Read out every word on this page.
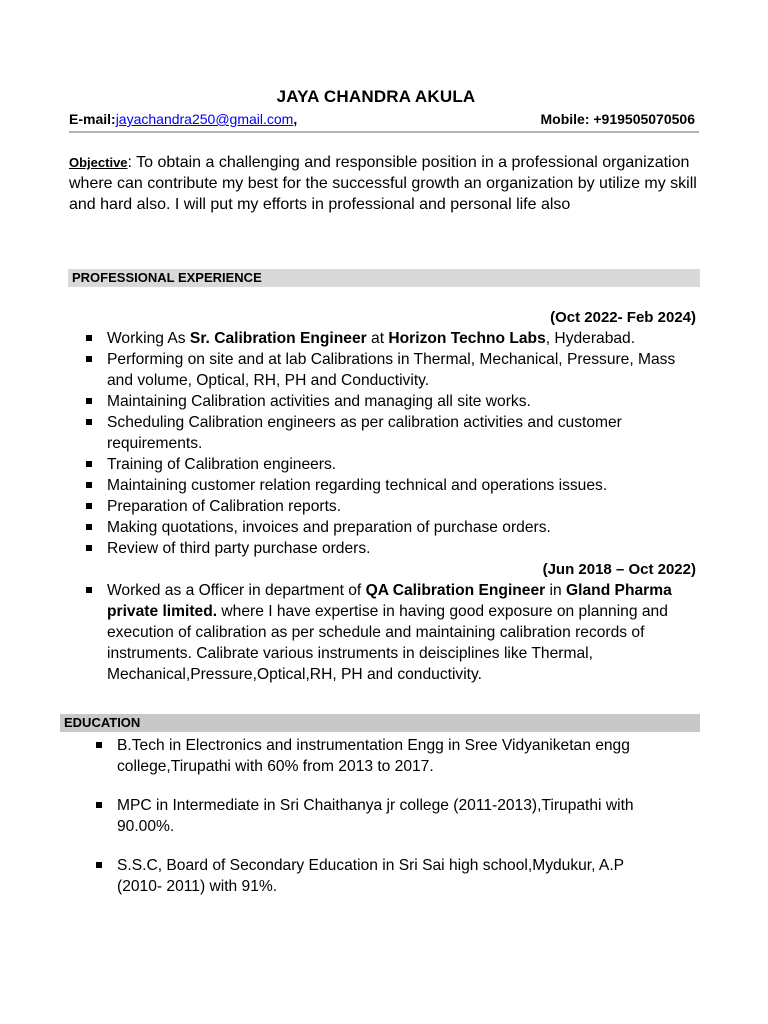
JAYA CHANDRA AKULA
E-mail:jayachandra250@gmail.com,	Mobile: +919505070506
Objective: To obtain a challenging and responsible position in a professional organization where can contribute my best for the successful growth an organization by utilize my skill and hard also. I will put my efforts in professional and personal life also
PROFESSIONAL EXPERIENCE
(Oct 2022- Feb 2024)
Working As Sr. Calibration Engineer at Horizon Techno Labs, Hyderabad.
Performing on site and at lab Calibrations in Thermal, Mechanical, Pressure, Mass and volume, Optical, RH, PH and Conductivity.
Maintaining Calibration activities and managing all site works.
Scheduling Calibration engineers as per calibration activities and customer requirements.
Training of Calibration engineers.
Maintaining customer relation regarding technical and operations issues.
Preparation of Calibration reports.
Making quotations, invoices and preparation of purchase orders.
Review of third party purchase orders.
(Jun 2018 – Oct 2022)
Worked as a Officer in department of QA Calibration Engineer in Gland Pharma private limited. where I have expertise in having good exposure on planning and execution of calibration as per schedule and maintaining calibration records of instruments. Calibrate various instruments in deisciplines like Thermal, Mechanical,Pressure,Optical,RH, PH and conductivity.
EDUCATION
B.Tech in Electronics and instrumentation Engg in Sree Vidyaniketan engg college,Tirupathi with 60% from 2013 to 2017.
MPC in Intermediate in Sri Chaithanya jr college (2011-2013),Tirupathi with 90.00%.
S.S.C, Board of Secondary Education in Sri Sai high school,Mydukur, A.P (2010- 2011) with 91%.
